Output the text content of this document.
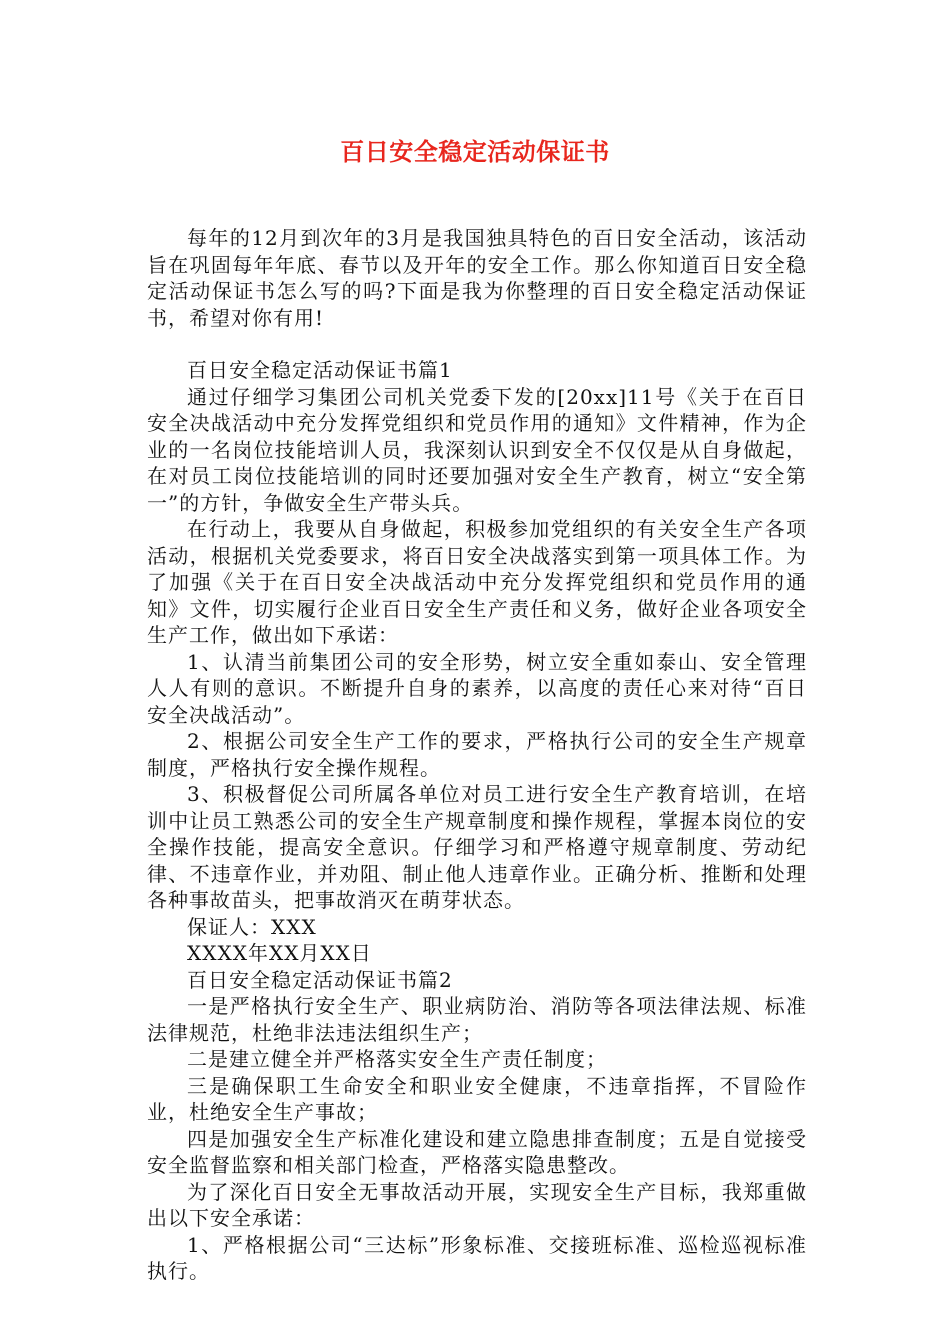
百日安全稳定活动保证书

每年的12月到次年的3月是我国独具特色的百日安全活动，该活动旨在巩固每年年底、春节以及开年的安全工作。那么你知道百日安全稳定活动保证书怎么写的吗?下面是我为你整理的百日安全稳定活动保证书，希望对你有用!

百日安全稳定活动保证书篇1

通过仔细学习集团公司机关党委下发的[20xx]11号《关于在百日安全决战活动中充分发挥党组织和党员作用的通知》文件精神，作为企业的一名岗位技能培训人员，我深刻认识到安全不仅仅是从自身做起，在对员工岗位技能培训的同时还要加强对安全生产教育，树立“安全第一”的方针，争做安全生产带头兵。

在行动上，我要从自身做起，积极参加党组织的有关安全生产各项活动，根据机关党委要求，将百日安全决战落实到第一项具体工作。为了加强《关于在百日安全决战活动中充分发挥党组织和党员作用的通知》文件，切实履行企业百日安全生产责任和义务，做好企业各项安全生产工作，做出如下承诺：

1、认清当前集团公司的安全形势，树立安全重如泰山、安全管理人人有则的意识。不断提升自身的素养，以高度的责任心来对待“百日安全决战活动”。

2、根据公司安全生产工作的要求，严格执行公司的安全生产规章制度，严格执行安全操作规程。

3、积极督促公司所属各单位对员工进行安全生产教育培训，在培训中让员工熟悉公司的安全生产规章制度和操作规程，掌握本岗位的安全操作技能，提高安全意识。仔细学习和严格遵守规章制度、劳动纪律、不违章作业，并劝阻、制止他人违章作业。正确分析、推断和处理各种事故苗头，把事故消灭在萌芽状态。

保证人：XXX

XXXX年XX月XX日

百日安全稳定活动保证书篇2

一是严格执行安全生产、职业病防治、消防等各项法律法规、标准法律规范，杜绝非法违法组织生产；

二是建立健全并严格落实安全生产责任制度；

三是确保职工生命安全和职业安全健康，不违章指挥，不冒险作业，杜绝安全生产事故；

四是加强安全生产标准化建设和建立隐患排查制度；五是自觉接受安全监督监察和相关部门检查，严格落实隐患整改。

为了深化百日安全无事故活动开展，实现安全生产目标，我郑重做出以下安全承诺：

1、严格根据公司“三达标”形象标准、交接班标准、巡检巡视标准执行。
